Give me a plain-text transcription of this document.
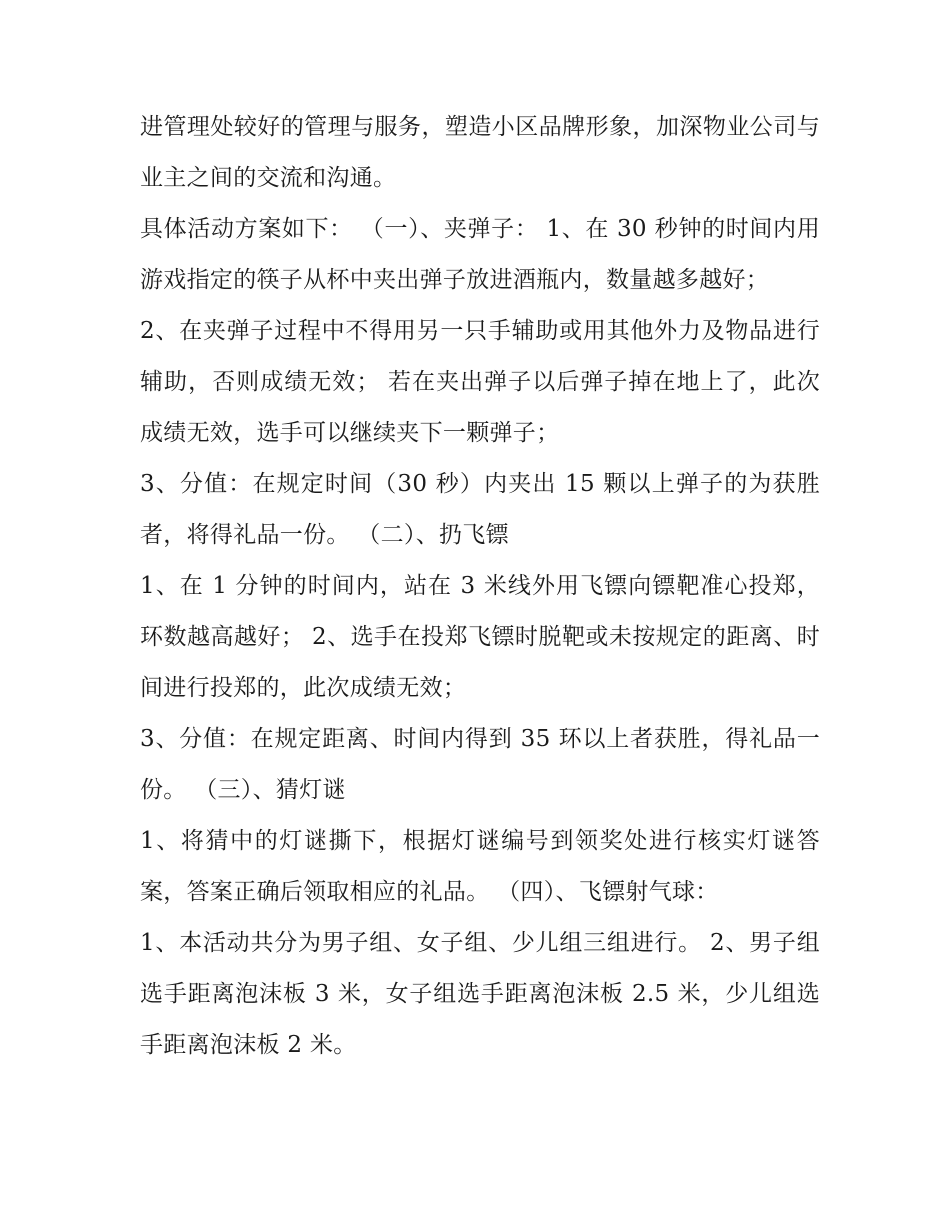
进管理处较好的管理与服务，塑造小区品牌形象，加深物业公司与业主之间的交流和沟通。

具体活动方案如下： （一）、夹弹子： 1、在 30 秒钟的时间内用游戏指定的筷子从杯中夹出弹子放进酒瓶内，数量越多越好；

2、在夹弹子过程中不得用另一只手辅助或用其他外力及物品进行辅助，否则成绩无效； 若在夹出弹子以后弹子掉在地上了，此次成绩无效，选手可以继续夹下一颗弹子；

3、分值：在规定时间（30 秒）内夹出 15 颗以上弹子的为获胜者，将得礼品一份。 （二）、扔飞镖

1、在 1 分钟的时间内，站在 3 米线外用飞镖向镖靶准心投郑，环数越高越好； 2、选手在投郑飞镖时脱靶或未按规定的距离、时间进行投郑的，此次成绩无效；

3、分值：在规定距离、时间内得到 35 环以上者获胜，得礼品一份。 （三）、猜灯谜

1、将猜中的灯谜撕下，根据灯谜编号到领奖处进行核实灯谜答案，答案正确后领取相应的礼品。 （四）、飞镖射气球：

1、本活动共分为男子组、女子组、少儿组三组进行。 2、男子组选手距离泡沫板 3 米，女子组选手距离泡沫板 2.5 米，少儿组选手距离泡沫板 2 米。
